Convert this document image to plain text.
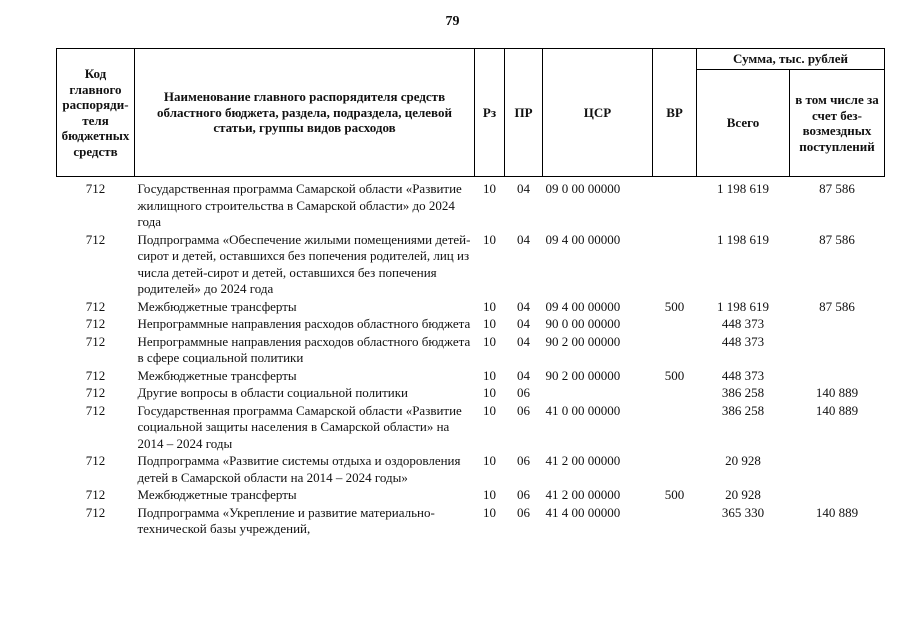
79
Код главного распорядителя бюджетных средств	Наименование главного распорядителя средств областного бюджета, раздела, подраздела, целевой статьи, группы видов расходов	Рз	ПР	ЦСР	ВР	Сумма, тыс. рублей	
						Всего	в том числе за счет безвозмездных поступлений

712	Государственная программа Самарской области «Развитие жилищного строительства в Самарской области» до 2024 года	10	04	09 0 00 00000		1 198 619	87 586
712	Подпрограмма «Обеспечение жилыми помещениями детей-сирот и детей, оставшихся без попечения родителей, лиц из числа детей-сирот и детей, оставшихся без попечения родителей» до 2024 года	10	04	09 4 00 00000		1 198 619	87 586
712	Межбюджетные трансферты	10	04	09 4 00 00000	500	1 198 619	87 586
712	Непрограммные направления расходов областного бюджета	10	04	90 0 00 00000		448 373	
712	Непрограммные направления расходов областного бюджета в сфере социальной политики	10	04	90 2 00 00000		448 373	
712	Межбюджетные трансферты	10	04	90 2 00 00000	500	448 373	
712	Другие вопросы в области социальной политики	10	06			386 258	140 889
712	Государственная программа Самарской области «Развитие социальной защиты населения в Самарской области» на 2014 – 2024 годы	10	06	41 0 00 00000		386 258	140 889
712	Подпрограмма «Развитие системы отдыха и оздоровления детей в Самарской области на 2014 – 2024 годы»	10	06	41 2 00 00000		20 928	
712	Межбюджетные трансферты	10	06	41 2 00 00000	500	20 928	
712	Подпрограмма «Укрепление и развитие материально-технической базы учреждений,	10	06	41 4 00 00000		365 330	140 889
